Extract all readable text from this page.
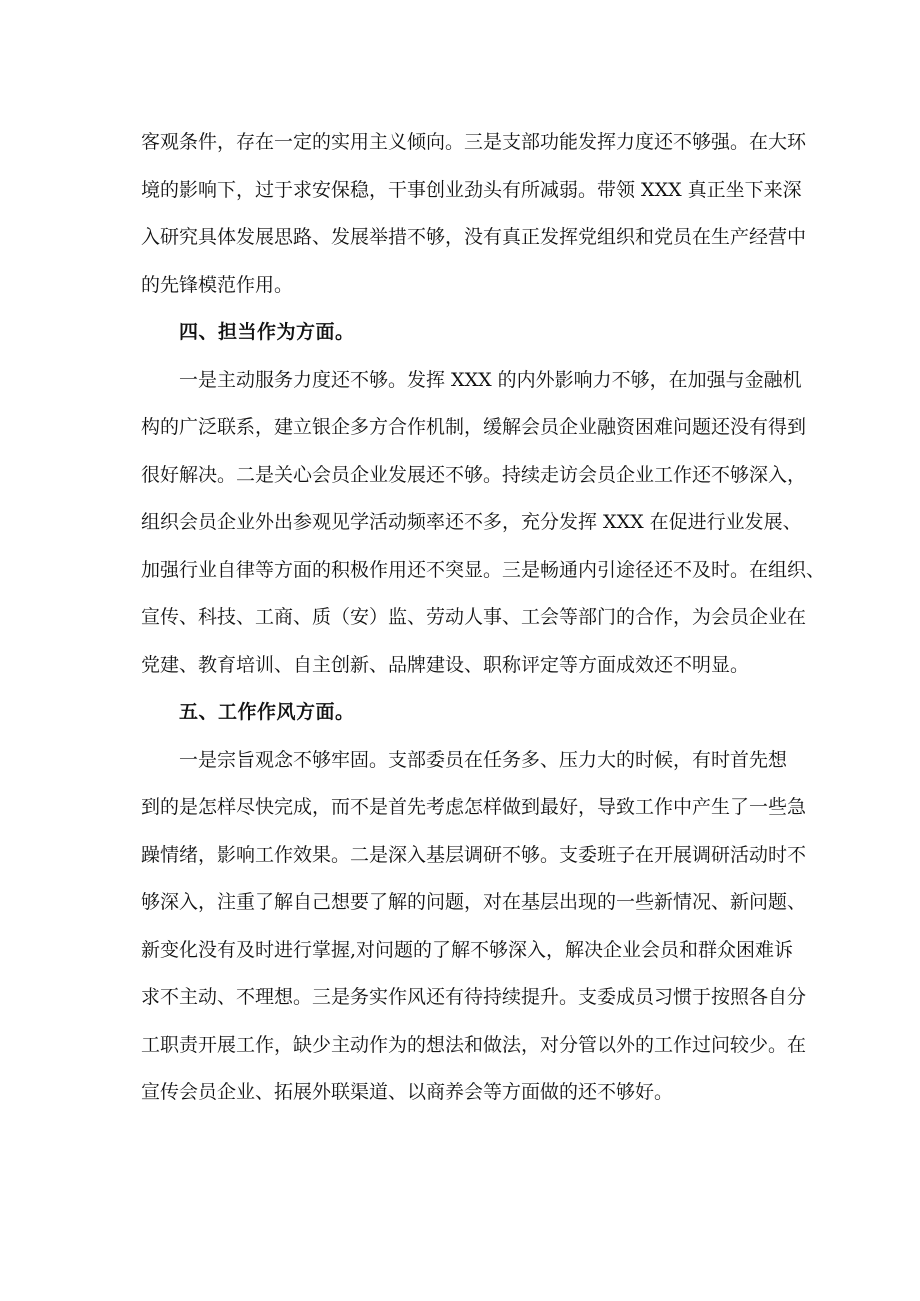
客观条件，存在一定的实用主义倾向。三是支部功能发挥力度还不够强。在大环
境的影响下，过于求安保稳，干事创业劲头有所减弱。带领 XXX 真正坐下来深
入研究具体发展思路、发展举措不够，没有真正发挥党组织和党员在生产经营中
的先锋模范作用。
四、担当作为方面。
一是主动服务力度还不够。发挥 XXX 的内外影响力不够，在加强与金融机
构的广泛联系，建立银企多方合作机制，缓解会员企业融资困难问题还没有得到
很好解决。二是关心会员企业发展还不够。持续走访会员企业工作还不够深入，
组织会员企业外出参观见学活动频率还不多，充分发挥 XXX 在促进行业发展、
加强行业自律等方面的积极作用还不突显。三是畅通内引途径还不及时。在组织、
宣传、科技、工商、质（安）监、劳动人事、工会等部门的合作，为会员企业在
党建、教育培训、自主创新、品牌建设、职称评定等方面成效还不明显。
五、工作作风方面。
一是宗旨观念不够牢固。支部委员在任务多、压力大的时候，有时首先想
到的是怎样尽快完成，而不是首先考虑怎样做到最好，导致工作中产生了一些急
躁情绪，影响工作效果。二是深入基层调研不够。支委班子在开展调研活动时不
够深入，注重了解自己想要了解的问题，对在基层出现的一些新情况、新问题、
新变化没有及时进行掌握,对问题的了解不够深入，解决企业会员和群众困难诉
求不主动、不理想。三是务实作风还有待持续提升。支委成员习惯于按照各自分
工职责开展工作，缺少主动作为的想法和做法，对分管以外的工作过问较少。在
宣传会员企业、拓展外联渠道、以商养会等方面做的还不够好。
